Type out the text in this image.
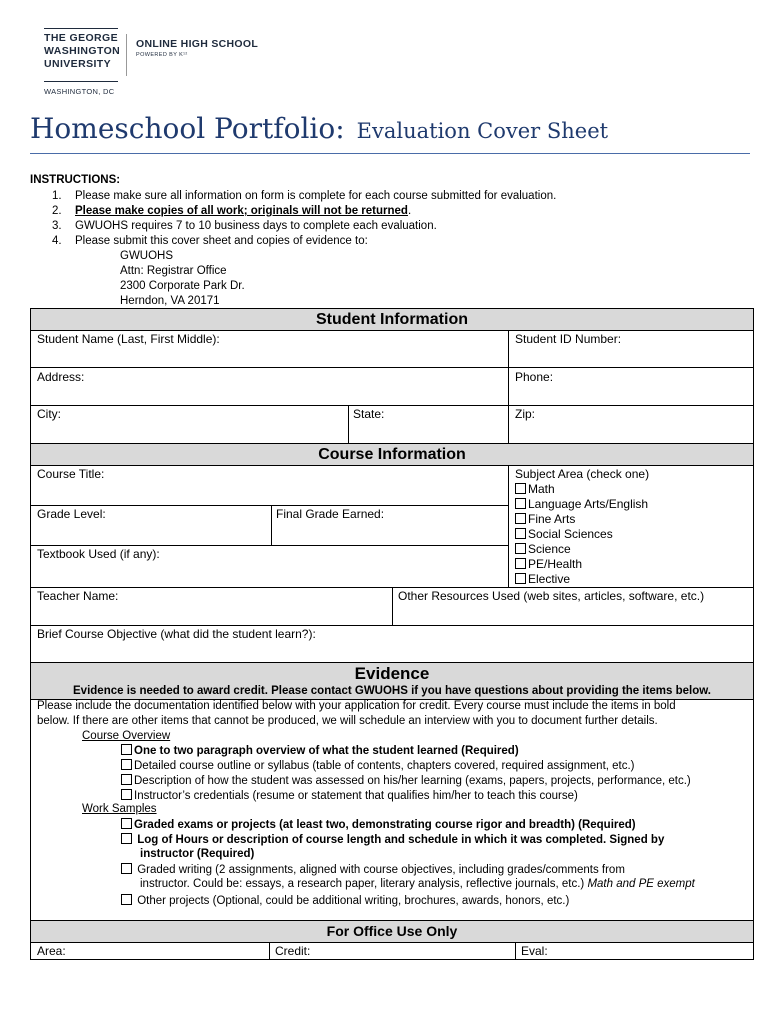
THE GEORGE
WASHINGTON
UNIVERSITY
WASHINGTON, DC
ONLINE HIGH SCHOOL
POWERED BY K¹²
Homeschool Portfolio: Evaluation Cover Sheet
INSTRUCTIONS:
1. Please make sure all information on form is complete for each course submitted for evaluation.
2. Please make copies of all work; originals will not be returned.
3. GWUOHS requires 7 to 10 business days to complete each evaluation.
4. Please submit this cover sheet and copies of evidence to:
GWUOHS
Attn: Registrar Office
2300 Corporate Park Dr.
Herndon, VA 20171
Student Information
Student Name (Last, First Middle):	Student ID Number:
Address:	Phone:
City:	State:	Zip:
Course Information
Course Title:
Grade Level:	Final Grade Earned:
Textbook Used (if any):
Subject Area (check one)
Math
Language Arts/English
Fine Arts
Social Sciences
Science
PE/Health
Elective
Teacher Name:	Other Resources Used (web sites, articles, software, etc.)
Brief Course Objective (what did the student learn?):
Evidence
Evidence is needed to award credit. Please contact GWUOHS if you have questions about providing the items below.
Please include the documentation identified below with your application for credit. Every course must include the items in bold
below. If there are other items that cannot be produced, we will schedule an interview with you to document further details.
Course Overview
One to two paragraph overview of what the student learned (Required)
Detailed course outline or syllabus (table of contents, chapters covered, required assignment, etc.)
Description of how the student was assessed on his/her learning (exams, papers, projects, performance, etc.)
Instructor’s credentials (resume or statement that qualifies him/her to teach this course)
Work Samples
Graded exams or projects (at least two, demonstrating course rigor and breadth) (Required)
Log of Hours or description of course length and schedule in which it was completed. Signed by
instructor (Required)
Graded writing (2 assignments, aligned with course objectives, including grades/comments from
instructor. Could be: essays, a research paper, literary analysis, reflective journals, etc.) Math and PE exempt
Other projects (Optional, could be additional writing, brochures, awards, honors, etc.)
For Office Use Only
Area:	Credit:	Eval:
